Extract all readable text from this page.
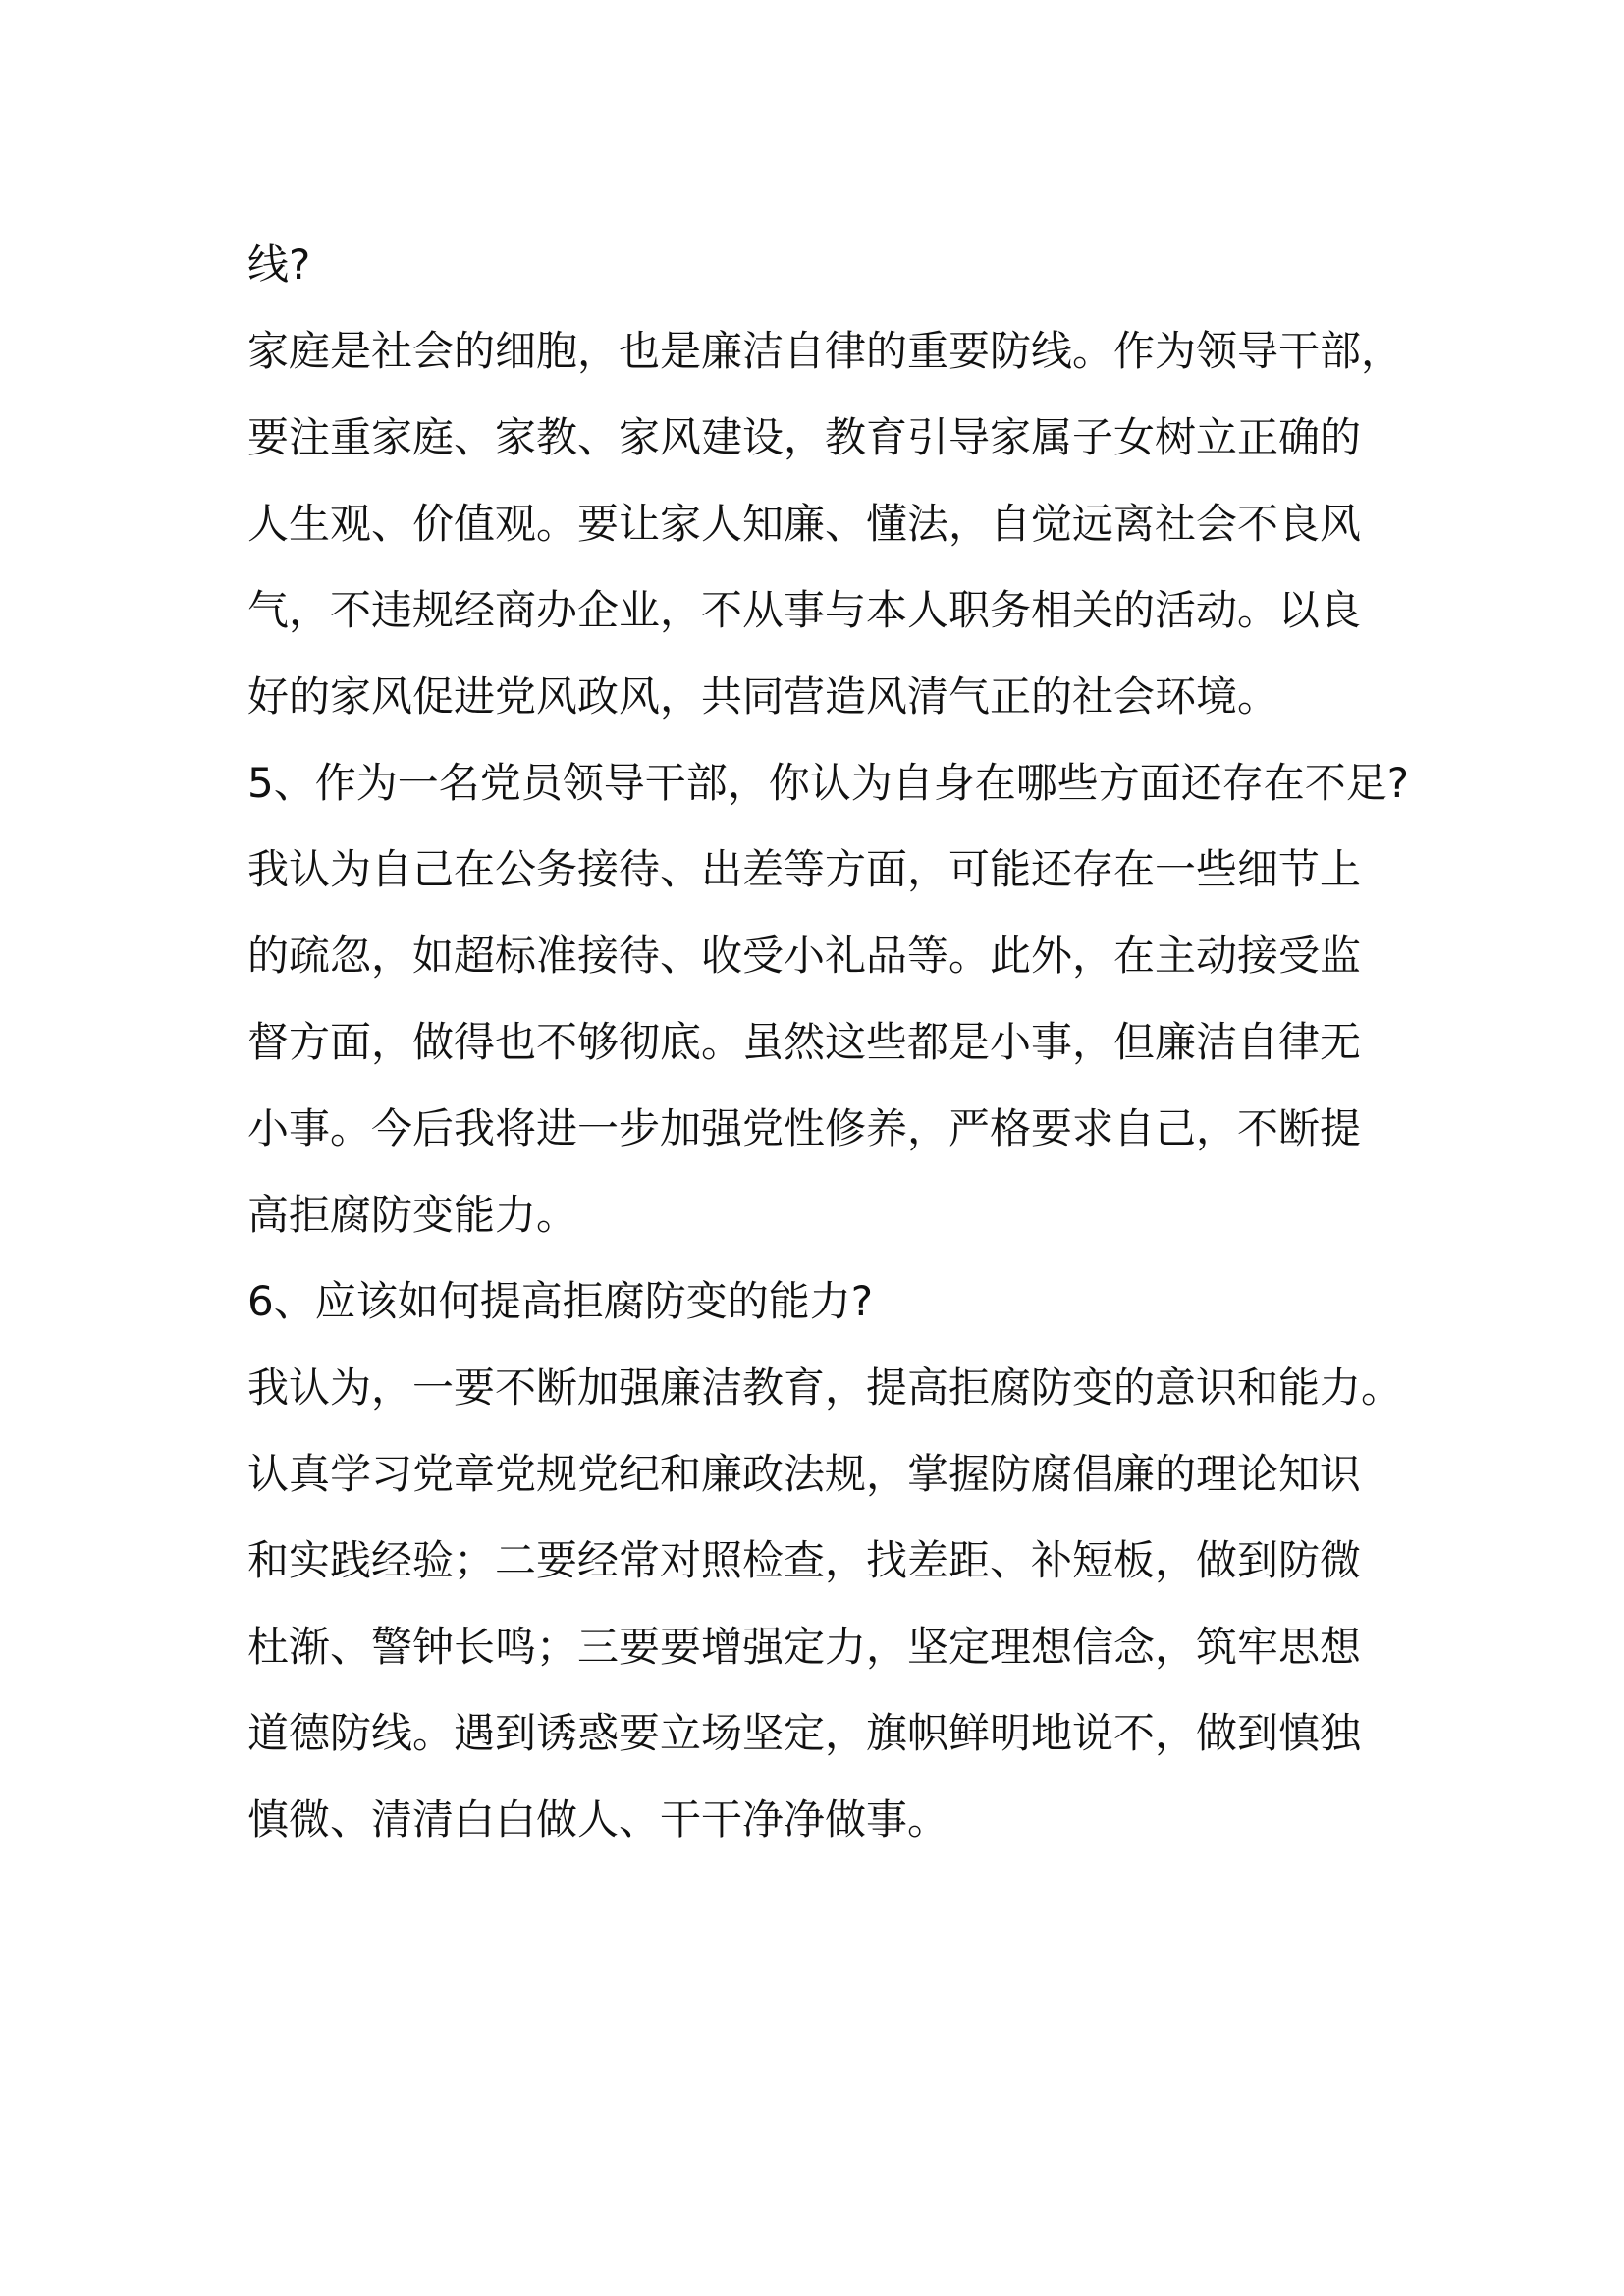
线?
家庭是社会的细胞，也是廉洁自律的重要防线。作为领导干部，
要注重家庭、家教、家风建设，教育引导家属子女树立正确的
人生观、价值观。要让家人知廉、懂法，自觉远离社会不良风
气，不违规经商办企业，不从事与本人职务相关的活动。以良
好的家风促进党风政风，共同营造风清气正的社会环境。
5、作为一名党员领导干部，你认为自身在哪些方面还存在不足?
我认为自己在公务接待、出差等方面，可能还存在一些细节上
的疏忽，如超标准接待、收受小礼品等。此外，在主动接受监
督方面，做得也不够彻底。虽然这些都是小事，但廉洁自律无
小事。今后我将进一步加强党性修养，严格要求自己，不断提
高拒腐防变能力。
6、应该如何提高拒腐防变的能力?
我认为，一要不断加强廉洁教育，提高拒腐防变的意识和能力。
认真学习党章党规党纪和廉政法规，掌握防腐倡廉的理论知识
和实践经验；二要经常对照检查，找差距、补短板，做到防微
杜渐、警钟长鸣；三要要增强定力，坚定理想信念，筑牢思想
道德防线。遇到诱惑要立场坚定，旗帜鲜明地说不，做到慎独
慎微、清清白白做人、干干净净做事。
